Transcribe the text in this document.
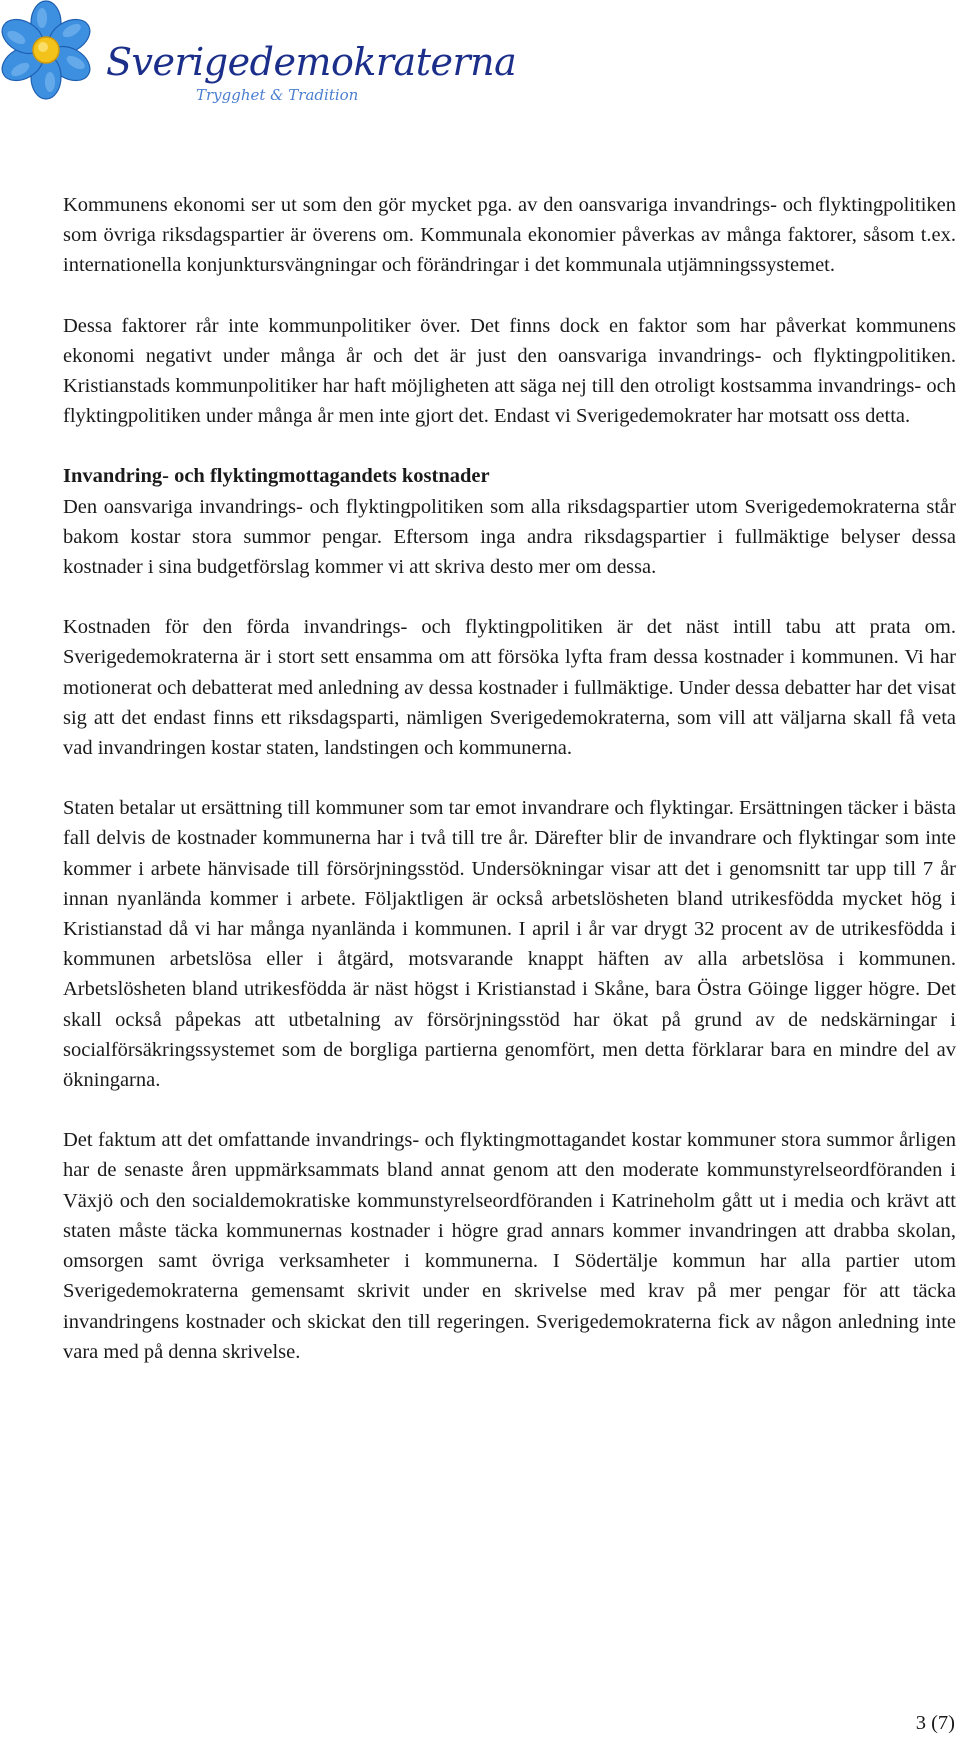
Sverigedemokraterna
Trygghet & Tradition

Kommunens ekonomi ser ut som den gör mycket pga. av den oansvariga invandrings- och flyktingpolitiken som övriga riksdagspartier är överens om. Kommunala ekonomier påverkas av många faktorer, såsom t.ex. internationella konjunktursvängningar och förändringar i det kommunala utjämningssystemet.

Dessa faktorer rår inte kommunpolitiker över. Det finns dock en faktor som har påverkat kommunens ekonomi negativt under många år och det är just den oansvariga invandrings- och flyktingpolitiken. Kristianstads kommunpolitiker har haft möjligheten att säga nej till den otroligt kostsamma invandrings- och flyktingpolitiken under många år men inte gjort det. Endast vi Sverigedemokrater har motsatt oss detta.

Invandring- och flyktingmottagandets kostnader

Den oansvariga invandrings- och flyktingpolitiken som alla riksdagspartier utom Sverigedemokraterna står bakom kostar stora summor pengar. Eftersom inga andra riksdagspartier i fullmäktige belyser dessa kostnader i sina budgetförslag kommer vi att skriva desto mer om dessa.

Kostnaden för den förda invandrings- och flyktingpolitiken är det näst intill tabu att prata om. Sverigedemokraterna är i stort sett ensamma om att försöka lyfta fram dessa kostnader i kommunen. Vi har motionerat och debatterat med anledning av dessa kostnader i fullmäktige. Under dessa debatter har det visat sig att det endast finns ett riksdagsparti, nämligen Sverigedemokraterna, som vill att väljarna skall få veta vad invandringen kostar staten, landstingen och kommunerna.

Staten betalar ut ersättning till kommuner som tar emot invandrare och flyktingar. Ersättningen täcker i bästa fall delvis de kostnader kommunerna har i två till tre år. Därefter blir de invandrare och flyktingar som inte kommer i arbete hänvisade till försörjningsstöd. Undersökningar visar att det i genomsnitt tar upp till 7 år innan nyanlända kommer i arbete. Följaktligen är också arbetslösheten bland utrikesfödda mycket hög i Kristianstad då vi har många nyanlända i kommunen. I april i år var drygt 32 procent av de utrikesfödda i kommunen arbetslösa eller i åtgärd, motsvarande knappt häften av alla arbetslösa i kommunen. Arbetslösheten bland utrikesfödda är näst högst i Kristianstad i Skåne, bara Östra Göinge ligger högre. Det skall också påpekas att utbetalning av försörjningsstöd har ökat på grund av de nedskärningar i socialförsäkringssystemet som de borgliga partierna genomfört, men detta förklarar bara en mindre del av ökningarna.

Det faktum att det omfattande invandrings- och flyktingmottagandet kostar kommuner stora summor årligen har de senaste åren uppmärksammats bland annat genom att den moderate kommunstyrelseordföranden i Växjö och den socialdemokratiske kommunstyrelseordföranden i Katrineholm gått ut i media och krävt att staten måste täcka kommunernas kostnader i högre grad annars kommer invandringen att drabba skolan, omsorgen samt övriga verksamheter i kommunerna. I Södertälje kommun har alla partier utom Sverigedemokraterna gemensamt skrivit under en skrivelse med krav på mer pengar för att täcka invandringens kostnader och skickat den till regeringen. Sverigedemokraterna fick av någon anledning inte vara med på denna skrivelse.

3 (7)
